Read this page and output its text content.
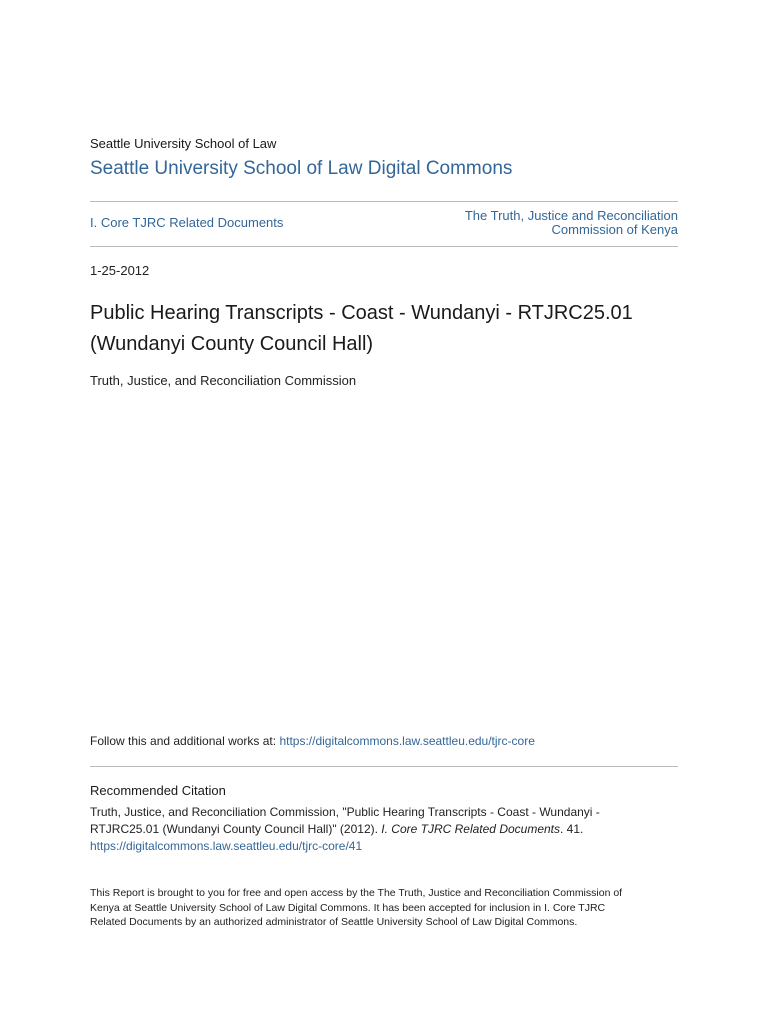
Seattle University School of Law
Seattle University School of Law Digital Commons
I. Core TJRC Related Documents	The Truth, Justice and Reconciliation
Commission of Kenya
1-25-2012
Public Hearing Transcripts - Coast - Wundanyi - RTJRC25.01
(Wundanyi County Council Hall)
Truth, Justice, and Reconciliation Commission
Follow this and additional works at: https://digitalcommons.law.seattleu.edu/tjrc-core
Recommended Citation
Truth, Justice, and Reconciliation Commission, "Public Hearing Transcripts - Coast - Wundanyi -
RTJRC25.01 (Wundanyi County Council Hall)" (2012). I. Core TJRC Related Documents. 41.
https://digitalcommons.law.seattleu.edu/tjrc-core/41
This Report is brought to you for free and open access by the The Truth, Justice and Reconciliation Commission of
Kenya at Seattle University School of Law Digital Commons. It has been accepted for inclusion in I. Core TJRC
Related Documents by an authorized administrator of Seattle University School of Law Digital Commons.
